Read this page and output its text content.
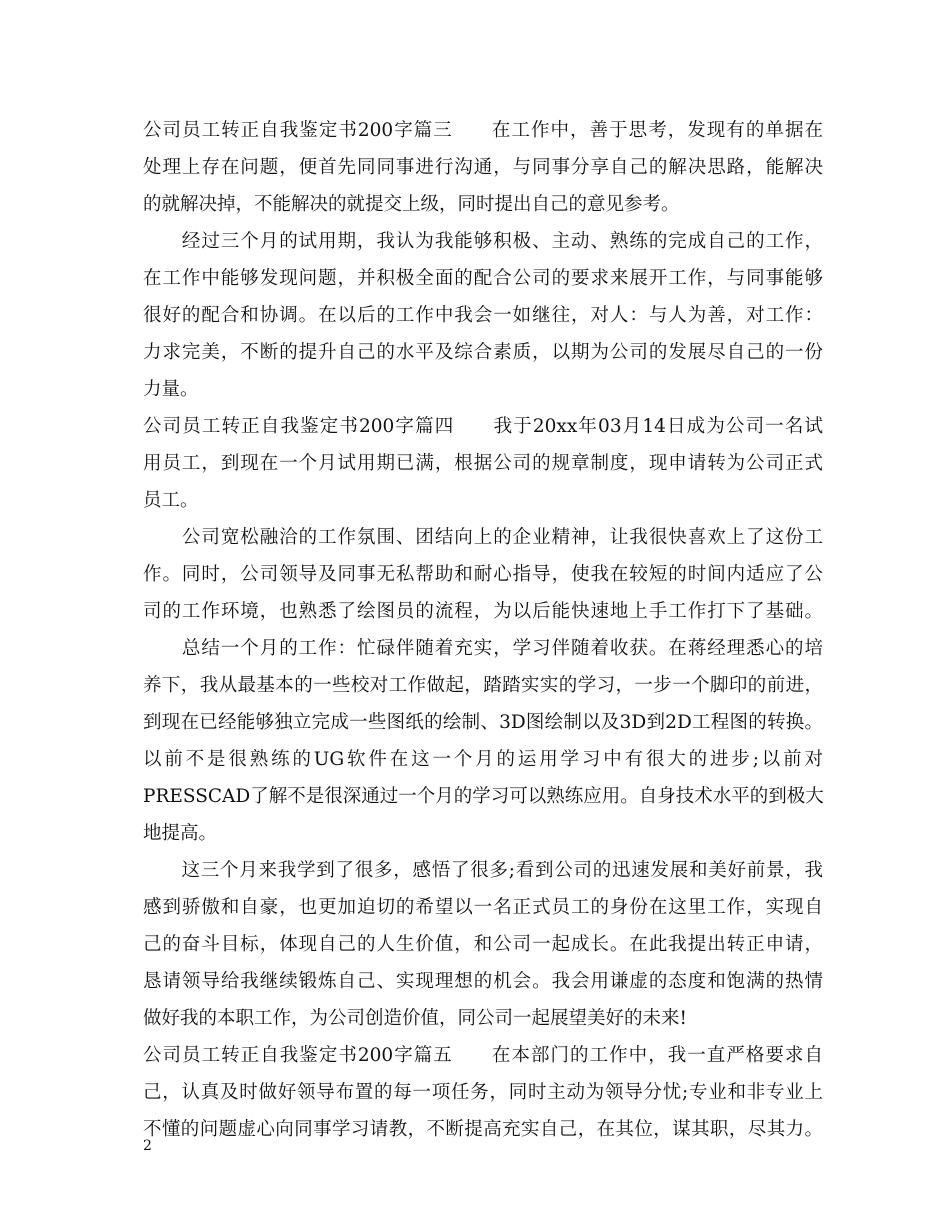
公司员工转正自我鉴定书200字篇三　　在工作中，善于思考，发现有的单据在
处理上存在问题，便首先同同事进行沟通，与同事分享自己的解决思路，能解决
的就解决掉，不能解决的就提交上级，同时提出自己的意见参考。
　　经过三个月的试用期，我认为我能够积极、主动、熟练的完成自己的工作，
在工作中能够发现问题，并积极全面的配合公司的要求来展开工作，与同事能够
很好的配合和协调。在以后的工作中我会一如继往，对人：与人为善，对工作：
力求完美，不断的提升自己的水平及综合素质，以期为公司的发展尽自己的一份
力量。
公司员工转正自我鉴定书200字篇四　　我于20xx年03月14日成为公司一名试
用员工，到现在一个月试用期已满，根据公司的规章制度，现申请转为公司正式
员工。
　　公司宽松融洽的工作氛围、团结向上的企业精神，让我很快喜欢上了这份工
作。同时，公司领导及同事无私帮助和耐心指导，使我在较短的时间内适应了公
司的工作环境，也熟悉了绘图员的流程，为以后能快速地上手工作打下了基础。
　　总结一个月的工作：忙碌伴随着充实，学习伴随着收获。在蒋经理悉心的培
养下，我从最基本的一些校对工作做起，踏踏实实的学习，一步一个脚印的前进，
到现在已经能够独立完成一些图纸的绘制、3D图绘制以及3D到2D工程图的转换。
以前不是很熟练的UG软件在这一个月的运用学习中有很大的进步;以前对
PRESSCAD了解不是很深通过一个月的学习可以熟练应用。自身技术水平的到极大
地提高。
　　这三个月来我学到了很多，感悟了很多;看到公司的迅速发展和美好前景，我
感到骄傲和自豪，也更加迫切的希望以一名正式员工的身份在这里工作，实现自
己的奋斗目标，体现自己的人生价值，和公司一起成长。在此我提出转正申请，
恳请领导给我继续锻炼自己、实现理想的机会。我会用谦虚的态度和饱满的热情
做好我的本职工作，为公司创造价值，同公司一起展望美好的未来!
公司员工转正自我鉴定书200字篇五　　在本部门的工作中，我一直严格要求自
己，认真及时做好领导布置的每一项任务，同时主动为领导分忧;专业和非专业上
不懂的问题虚心向同事学习请教，不断提高充实自己，在其位，谋其职，尽其力。
2
